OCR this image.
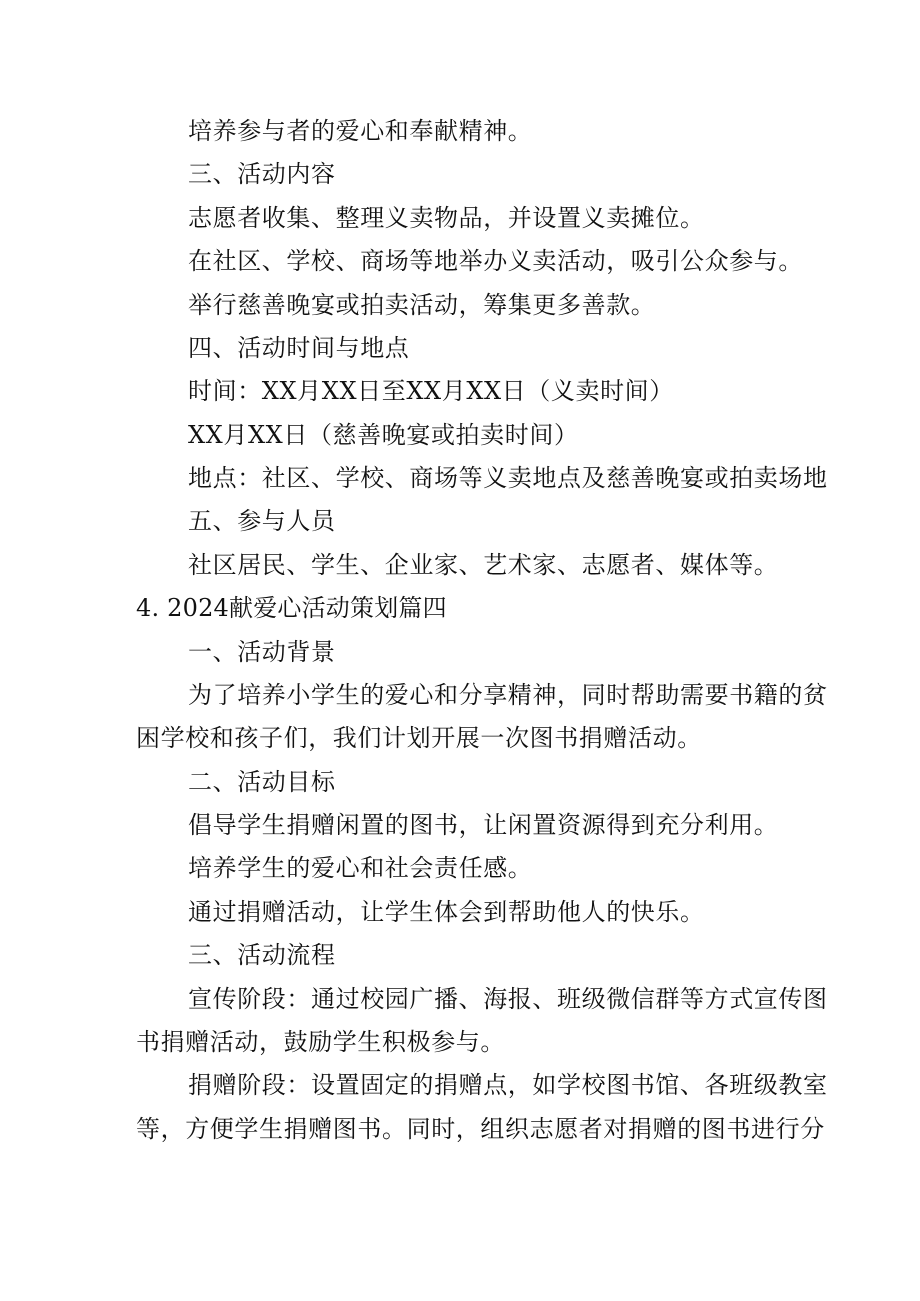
培养参与者的爱心和奉献精神。
三、活动内容
志愿者收集、整理义卖物品，并设置义卖摊位。
在社区、学校、商场等地举办义卖活动，吸引公众参与。
举行慈善晚宴或拍卖活动，筹集更多善款。
四、活动时间与地点
时间：XX月XX日至XX月XX日（义卖时间）
XX月XX日（慈善晚宴或拍卖时间）
地点：社区、学校、商场等义卖地点及慈善晚宴或拍卖场地
五、参与人员
社区居民、学生、企业家、艺术家、志愿者、媒体等。
4. 2024献爱心活动策划篇四
一、活动背景
为了培养小学生的爱心和分享精神，同时帮助需要书籍的贫
困学校和孩子们，我们计划开展一次图书捐赠活动。
二、活动目标
倡导学生捐赠闲置的图书，让闲置资源得到充分利用。
培养学生的爱心和社会责任感。
通过捐赠活动，让学生体会到帮助他人的快乐。
三、活动流程
宣传阶段：通过校园广播、海报、班级微信群等方式宣传图
书捐赠活动，鼓励学生积极参与。
捐赠阶段：设置固定的捐赠点，如学校图书馆、各班级教室
等，方便学生捐赠图书。同时，组织志愿者对捐赠的图书进行分
